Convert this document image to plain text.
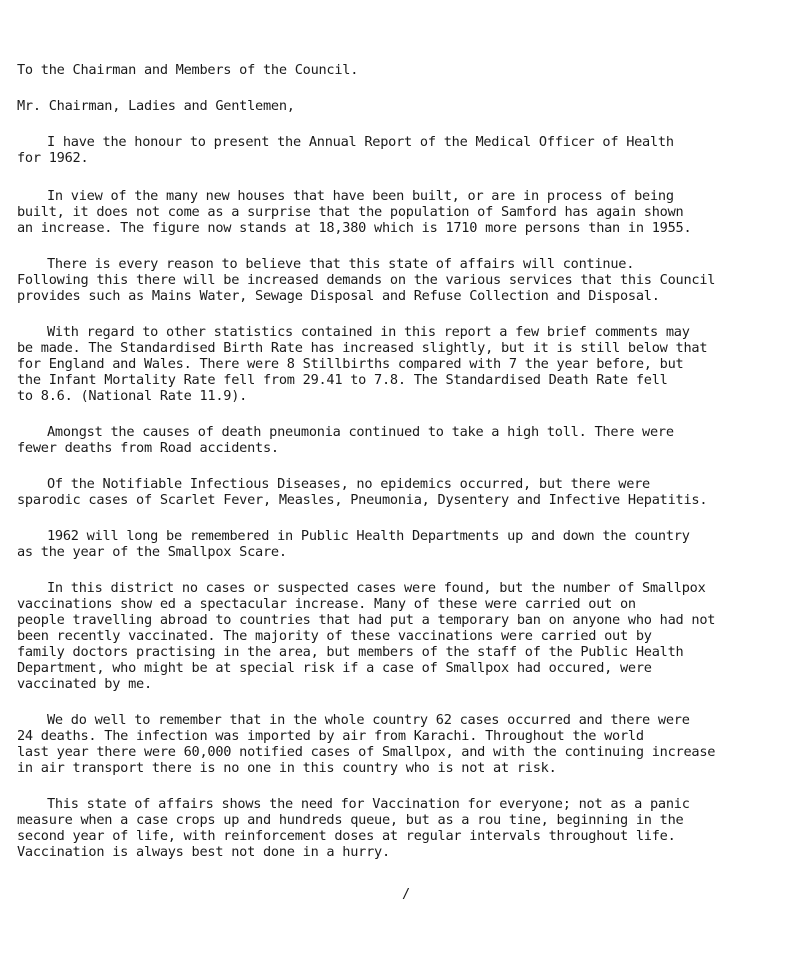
To the Chairman and Members of the Council.
Mr. Chairman, Ladies and Gentlemen,
I have the honour to present the Annual Report of the Medical Officer of Health
for 1962.
In view of the many new houses that have been built, or are in process of being
built, it does not come as a surprise that the population of Samford has again shown
an increase. The figure now stands at 18,380 which is 1710 more persons than in 1955.
There is every reason to believe that this state of affairs will continue.
Following this there will be increased demands on the various services that this Council
provides such as Mains Water, Sewage Disposal and Refuse Collection and Disposal.
With regard to other statistics contained in this report a few brief comments may
be made. The Standardised Birth Rate has increased slightly, but it is still below that
for England and Wales. There were 8 Stillbirths compared with 7 the year before, but
the Infant Mortality Rate fell from 29.41 to 7.8. The Standardised Death Rate fell
to 8.6. (National Rate 11.9).
Amongst the causes of death pneumonia continued to take a high toll. There were
fewer deaths from Road accidents.
Of the Notifiable Infectious Diseases, no epidemics occurred, but there were
sparodic cases of Scarlet Fever, Measles, Pneumonia, Dysentery and Infective Hepatitis.
1962 will long be remembered in Public Health Departments up and down the country
as the year of the Smallpox Scare.
In this district no cases or suspected cases were found, but the number of Smallpox
vaccinations show ed a spectacular increase. Many of these were carried out on
people travelling abroad to countries that had put a temporary ban on anyone who had not
been recently vaccinated. The majority of these vaccinations were carried out by
family doctors practising in the area, but members of the staff of the Public Health
Department, who might be at special risk if a case of Smallpox had occured, were
vaccinated by me.
We do well to remember that in the whole country 62 cases occurred and there were
24 deaths. The infection was imported by air from Karachi. Throughout the world
last year there were 60,000 notified cases of Smallpox, and with the continuing increase
in air transport there is no one in this country who is not at risk.
This state of affairs shows the need for Vaccination for everyone; not as a panic
measure when a case crops up and hundreds queue, but as a rou tine, beginning in the
second year of life, with reinforcement doses at regular intervals throughout life.
Vaccination is always best not done in a hurry.
/
